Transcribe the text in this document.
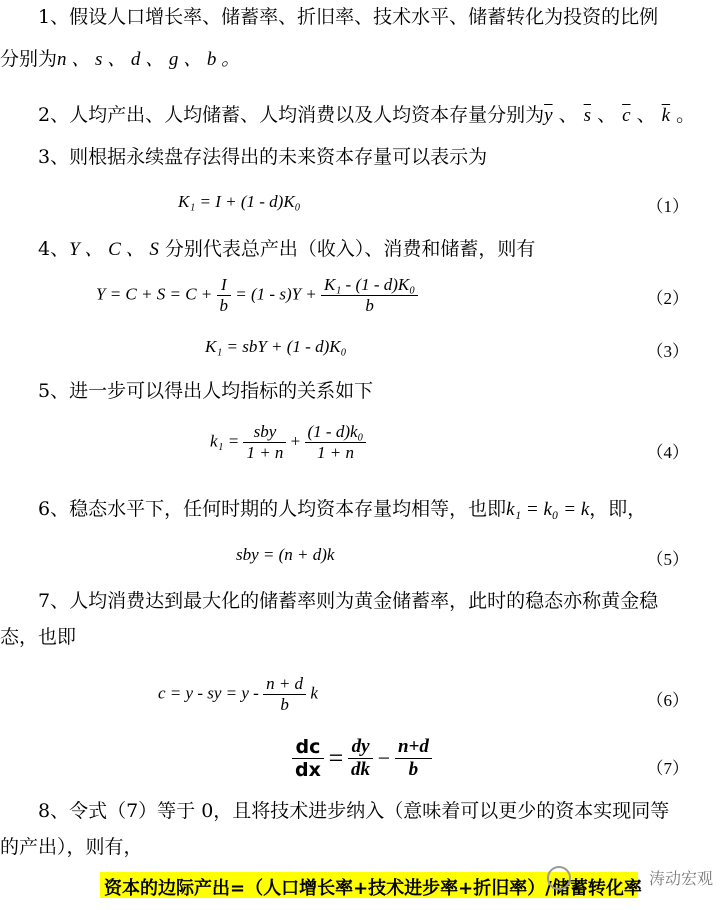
1、假设人口增长率、储蓄率、折旧率、技术水平、储蓄转化为投资的比例
分别为n 、 s 、 d 、 g 、 b 。
2、人均产出、人均储蓄、人均消费以及人均资本存量分别为$\overline{y}$ 、 $\overline{s}$ 、 $\overline{c}$ 、 $\overline{k}$ 。
3、则根据永续盘存法得出的未来资本存量可以表示为
K₁ = I + (1 - d)K₀	（1）
4、Y 、 C 、 S 分别代表总产出（收入）、消费和储蓄，则有
$Y = C + S = C + \frac{I}{b} = (1 - s)Y + \frac{\text{K₁ - (1 - d)K₀}}{b}$	（2）
K₁ = sbY + (1 - d)K₀	（3）
5、进一步可以得出人均指标的关系如下
$k_1 = \frac{\text{sby}}{1 + n} + \frac{\text{(1 - d)k₀}}{1 + n}$	（4）
6、稳态水平下，任何时期的人均资本存量均相等，也即k₁ = k₀ = k，即，
sby = (n + d)k	（5）
7、人均消费达到最大化的储蓄率则为黄金储蓄率，此时的稳态亦称黄金稳
态，也即
c = y - sy = y - $\frac{n + d}{b}$ k	（6）
$\frac{dc}{dx} = \frac{dy}{dk} - \frac{n+d}{b}$	（7）
8、令式（7）等于 0，且将技术进步纳入（意味着可以更少的资本实现同等
的产出），则有，
资本的边际产出=（人口增长率+技术进步率+折旧率）/储蓄转化率 涛动宏观
